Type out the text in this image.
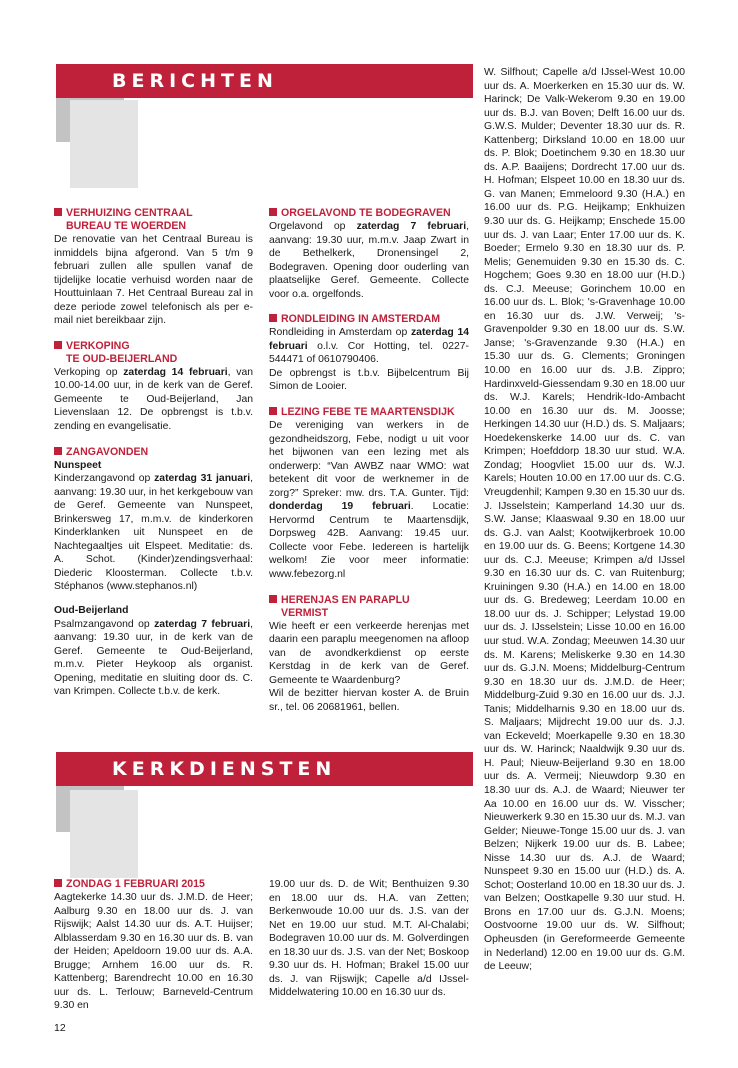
BERICHTEN
KERKDIENSTEN
VERHUIZING CENTRAAL
BUREAU TE WOERDEN

De renovatie van het Centraal Bureau is inmiddels bijna afgerond. Van 5 t/m 9 februari zullen alle spullen vanaf de tijdelijke locatie verhuisd worden naar de Houttuinlaan 7. Het Centraal Bureau zal in deze periode zowel telefonisch als per e-mail niet bereikbaar zijn.

VERKOPING
TE OUD-BEIJERLAND

Verkoping op zaterdag 14 februari, van 10.00-14.00 uur, in de kerk van de Geref. Gemeente te Oud-Beijerland, Jan Lievenslaan 12. De opbrengst is t.b.v. zending en evangelisatie.

ZANGAVONDEN

Nunspeet

Kinderzangavond op zaterdag 31 januari, aanvang: 19.30 uur, in het kerkgebouw van de Geref. Gemeente van Nunspeet, Brinkersweg 17, m.m.v. de kinderkoren Kinderklanken uit Nunspeet en de Nachtegaaltjes uit Elspeet. Meditatie: ds. A. Schot. (Kinder)zendingsverhaal: Diederic Kloosterman. Collecte t.b.v. Stéphanos (www.stephanos.nl)

Oud-Beijerland

Psalmzangavond op zaterdag 7 februari, aanvang: 19.30 uur, in de kerk van de Geref. Gemeente te Oud-Beijerland, m.m.v. Pieter Heykoop als organist. Opening, meditatie en sluiting door ds. C. van Krimpen. Collecte t.b.v. de kerk.

ORGELAVOND TE BODEGRAVEN

Orgelavond op zaterdag 7 februari, aanvang: 19.30 uur, m.m.v. Jaap Zwart in de Bethelkerk, Dronensingel 2, Bodegraven. Opening door ouderling van plaatselijke Geref. Gemeente. Collecte voor o.a. orgelfonds.

RONDLEIDING IN AMSTERDAM

Rondleiding in Amsterdam op zaterdag 14 februari o.l.v. Cor Hotting, tel. 0227-544471 of 0610790406.

De opbrengst is t.b.v. Bijbelcentrum Bij Simon de Looier.

LEZING FEBE TE MAARTENSDIJK

De vereniging van werkers in de gezondheidszorg, Febe, nodigt u uit voor het bijwonen van een lezing met als onderwerp: “Van AWBZ naar WMO: wat betekent dit voor de werknemer in de zorg?” Spreker: mw. drs. T.A. Gunter. Tijd: donderdag 19 februari. Locatie: Hervormd Centrum te Maartensdijk, Dorpsweg 42B. Aanvang: 19.45 uur. Collecte voor Febe. Iedereen is hartelijk welkom! Zie voor meer informatie: www.febezorg.nl

HERENJAS EN PARAPLU
VERMIST

Wie heeft er een verkeerde herenjas met daarin een paraplu meegenomen na afloop van de avondkerkdienst op eerste Kerstdag in de kerk van de Geref. Gemeente te Waardenburg?

Wil de bezitter hiervan koster A. de Bruin sr., tel. 06 20681961, bellen.

W. Silfhout; Capelle a/d IJssel-West 10.00 uur ds. A. Moerkerken en 15.30 uur ds. W. Harinck; De Valk-Wekerom 9.30 en 19.00 uur ds. B.J. van Boven; Delft 16.00 uur ds. G.W.S. Mulder; Deventer 18.30 uur ds. R. Kattenberg; Dirksland 10.00 en 18.00 uur ds. P. Blok; Doetinchem 9.30 en 18.30 uur ds. A.P. Baaijens; Dordrecht 17.00 uur ds. H. Hofman; Elspeet 10.00 en 18.30 uur ds. G. van Manen; Emmeloord 9.30 (H.A.) en 16.00 uur ds. P.G. Heijkamp; Enkhuizen 9.30 uur ds. G. Heijkamp; Enschede 15.00 uur ds. J. van Laar; Enter 17.00 uur ds. K. Boeder; Ermelo 9.30 en 18.30 uur ds. P. Melis; Genemuiden 9.30 en 15.30 ds. C. Hogchem; Goes 9.30 en 18.00 uur (H.D.) ds. C.J. Meeuse; Gorinchem 10.00 en 16.00 uur ds. L. Blok; 's-Gravenhage 10.00 en 16.30 uur ds. J.W. Verweij; 's-Gravenpolder 9.30 en 18.00 uur ds. S.W. Janse; 's-Gravenzande 9.30 (H.A.) en 15.30 uur ds. G. Clements; Groningen 10.00 en 16.00 uur ds. J.B. Zippro; Hardinxveld-Giessendam 9.30 en 18.00 uur ds. W.J. Karels; Hendrik-Ido-Ambacht 10.00 en 16.30 uur ds. M. Joosse; Herkingen 14.30 uur (H.D.) ds. S. Maljaars; Hoedekenskerke 14.00 uur ds. C. van Krimpen; Hoefddorp 18.30 uur stud. W.A. Zondag; Hoogvliet 15.00 uur ds. W.J. Karels; Houten 10.00 en 17.00 uur ds. C.G. Vreugdenhil; Kampen 9.30 en 15.30 uur ds. J. IJsselstein; Kamperland 14.30 uur ds. S.W. Janse; Klaaswaal 9.30 en 18.00 uur ds. G.J. van Aalst; Kootwijkerbroek 10.00 en 19.00 uur ds. G. Beens; Kortgene 14.30 uur ds. C.J. Meeuse; Krimpen a/d IJssel 9.30 en 16.30 uur ds. C. van Ruitenburg; Kruiningen 9.30 (H.A.) en 14.00 en 18.00 uur ds. G. Bredeweg; Leerdam 10.00 en 18.00 uur ds. J. Schipper; Lelystad 19.00 uur ds. J. IJsselstein; Lisse 10.00 en 16.00 uur stud. W.A. Zondag; Meeuwen 14.30 uur ds. M. Karens; Meliskerke 9.30 en 14.30 uur ds. G.J.N. Moens; Middelburg-Centrum 9.30 en 18.30 uur ds. J.M.D. de Heer; Middelburg-Zuid 9.30 en 16.00 uur ds. J.J. Tanis; Middelharnis 9.30 en 18.00 uur ds. S. Maljaars; Mijdrecht 19.00 uur ds. J.J. van Eckeveld; Moerkapelle 9.30 en 18.30 uur ds. W. Harinck; Naaldwijk 9.30 uur ds. H. Paul; Nieuw-Beijerland 9.30 en 18.00 uur ds. A. Vermeij; Nieuwdorp 9.30 en 18.30 uur ds. A.J. de Waard; Nieuwer ter Aa 10.00 en 16.00 uur ds. W. Visscher; Nieuwerkerk 9.30 en 15.30 uur ds. M.J. van Gelder; Nieuwe-Tonge 15.00 uur ds. J. van Belzen; Nijkerk 19.00 uur ds. B. Labee; Nisse 14.30 uur ds. A.J. de Waard; Nunspeet 9.30 en 15.00 uur (H.D.) ds. A. Schot; Oosterland 10.00 en 18.30 uur ds. J. van Belzen; Oostkapelle 9.30 uur stud. H. Brons en 17.00 uur ds. G.J.N. Moens; Oostvoorne 19.00 uur ds. W. Silfhout; Opheusden (in Gereformeerde Gemeente in Nederland) 12.00 en 19.00 uur ds. G.M. de Leeuw;

ZONDAG 1 FEBRUARI 2015

Aagtekerke 14.30 uur ds. J.M.D. de Heer; Aalburg 9.30 en 18.00 uur ds. J. van Rijswijk; Aalst 14.30 uur ds. A.T. Huijser; Alblasserdam 9.30 en 16.30 uur ds. B. van der Heiden; Apeldoorn 19.00 uur ds. A.A. Brugge; Arnhem 16.00 uur ds. R. Kattenberg; Barendrecht 10.00 en 16.30 uur ds. L. Terlouw; Barneveld-Centrum 9.30 en

19.00 uur ds. D. de Wit; Benthuizen 9.30 en 18.00 uur ds. H.A. van Zetten; Berkenwoude 10.00 uur ds. J.S. van der Net en 19.00 uur stud. M.T. Al-Chalabi; Bodegraven 10.00 uur ds. M. Golverdingen en 18.30 uur ds. J.S. van der Net; Boskoop 9.30 uur ds. H. Hofman; Brakel 15.00 uur ds. J. van Rijswijk; Capelle a/d IJssel-Middelwatering 10.00 en 16.30 uur ds.

12
